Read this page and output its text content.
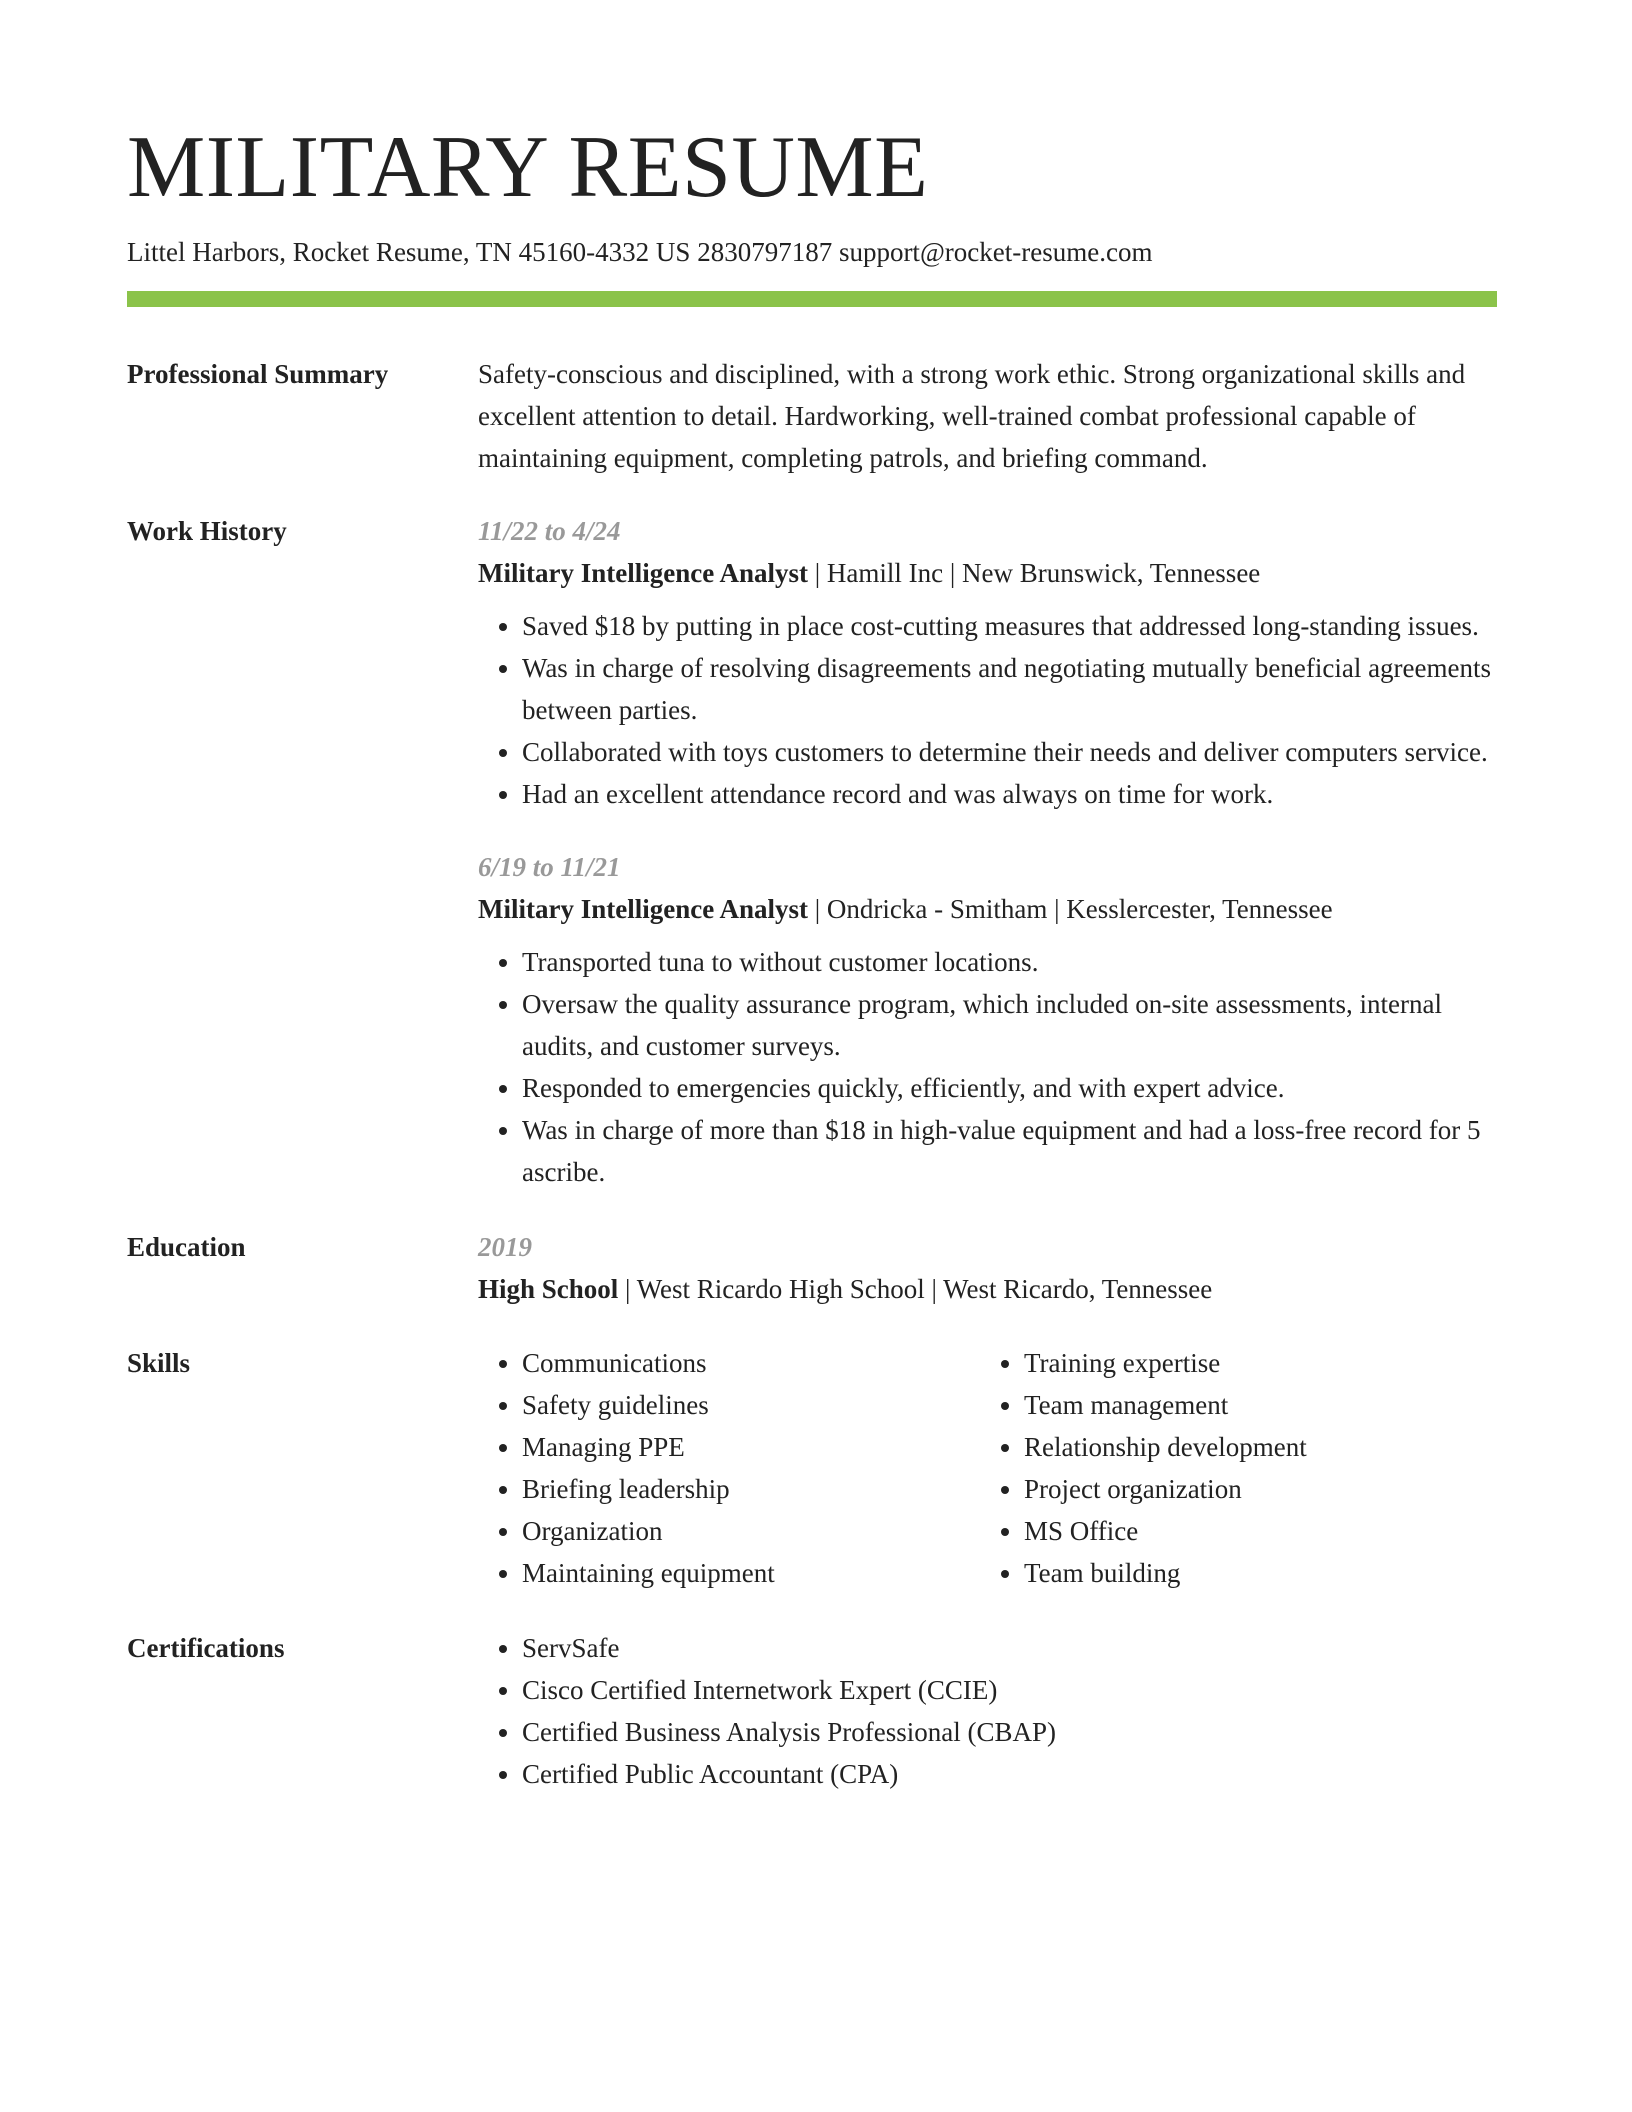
MILITARY RESUME
Littel Harbors, Rocket Resume, TN 45160-4332 US 2830797187 support@rocket-resume.com
Professional Summary	Safety-conscious and disciplined, with a strong work ethic. Strong organizational skills and excellent attention to detail. Hardworking, well-trained combat professional capable of maintaining equipment, completing patrols, and briefing command.
Work History	11/22 to 4/24
Military Intelligence Analyst | Hamill Inc | New Brunswick, Tennessee
• Saved $18 by putting in place cost-cutting measures that addressed long-standing issues.
• Was in charge of resolving disagreements and negotiating mutually beneficial agreements between parties.
• Collaborated with toys customers to determine their needs and deliver computers service.
• Had an excellent attendance record and was always on time for work.
6/19 to 11/21
Military Intelligence Analyst | Ondricka - Smitham | Kesslercester, Tennessee
• Transported tuna to without customer locations.
• Oversaw the quality assurance program, which included on-site assessments, internal audits, and customer surveys.
• Responded to emergencies quickly, efficiently, and with expert advice.
• Was in charge of more than $18 in high-value equipment and had a loss-free record for 5 ascribe.
Education	2019
High School | West Ricardo High School | West Ricardo, Tennessee
Skills	• Communications
• Safety guidelines
• Managing PPE
• Briefing leadership
• Organization
• Maintaining equipment
• Training expertise
• Team management
• Relationship development
• Project organization
• MS Office
• Team building
Certifications	• ServSafe
• Cisco Certified Internetwork Expert (CCIE)
• Certified Business Analysis Professional (CBAP)
• Certified Public Accountant (CPA)
